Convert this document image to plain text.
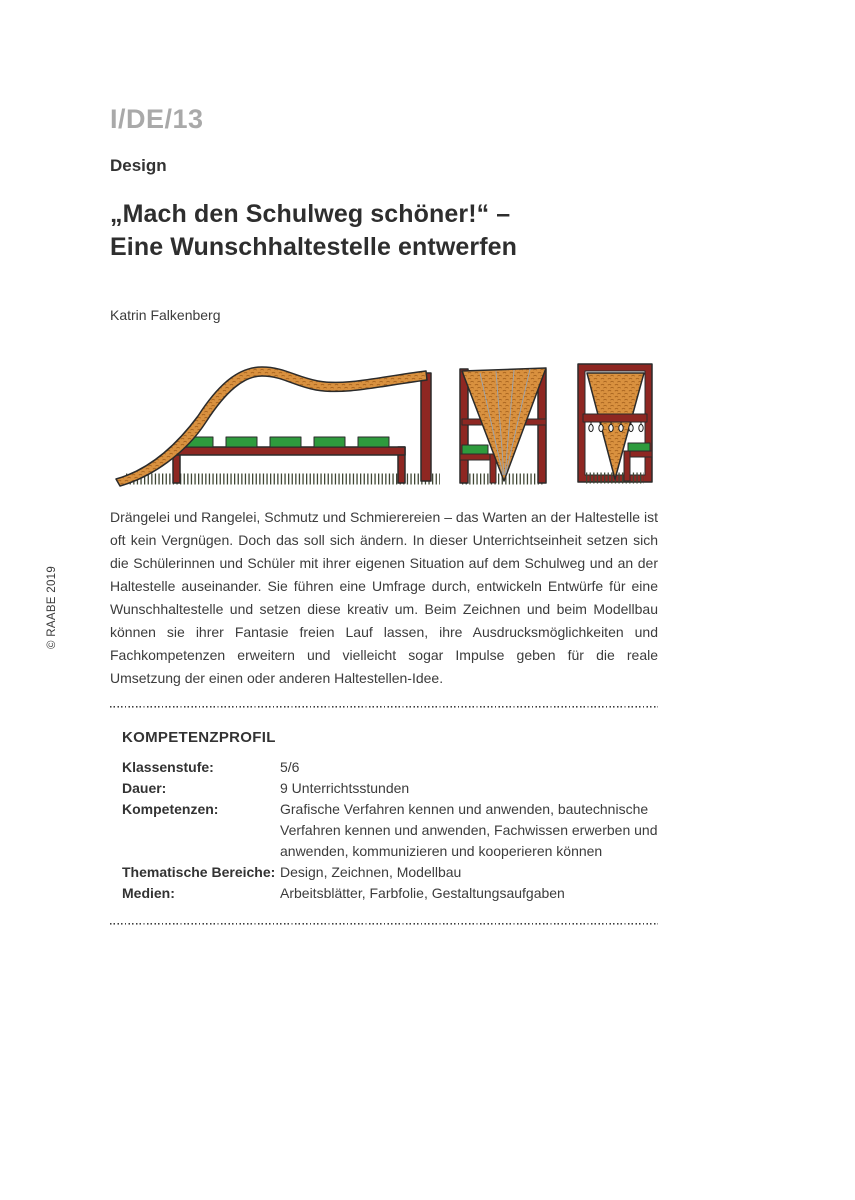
© RAABE 2019
I/DE/13
Design
„Mach den Schulweg schöner!“ –
Eine Wunschhaltestelle entwerfen
Katrin Falkenberg

Drängelei und Rangelei, Schmutz und Schmierereien – das Warten an der Haltestelle ist oft kein Vergnügen. Doch das soll sich ändern. In dieser Unterrichtseinheit setzen sich die Schülerinnen und Schüler mit ihrer eigenen Situation auf dem Schulweg und an der Haltestelle auseinander. Sie führen eine Umfrage durch, entwickeln Entwürfe für eine Wunschhaltestelle und setzen diese kreativ um. Beim Zeichnen und beim Modellbau können sie ihrer Fantasie freien Lauf lassen, ihre Ausdrucksmöglichkeiten und Fachkompetenzen erweitern und vielleicht sogar Impulse geben für die reale Umsetzung der einen oder anderen Haltestellen-Idee.

KOMPETENZPROFIL
Klassenstufe:	5/6
Dauer:	9 Unterrichtsstunden
Kompetenzen:	Grafische Verfahren kennen und anwenden, bautechnische Verfahren kennen und anwenden, Fachwissen erwerben und anwenden, kommunizieren und kooperieren können
Thematische Bereiche: Design, Zeichnen, Modellbau
Medien:	Arbeitsblätter, Farbfolie, Gestaltungsaufgaben
